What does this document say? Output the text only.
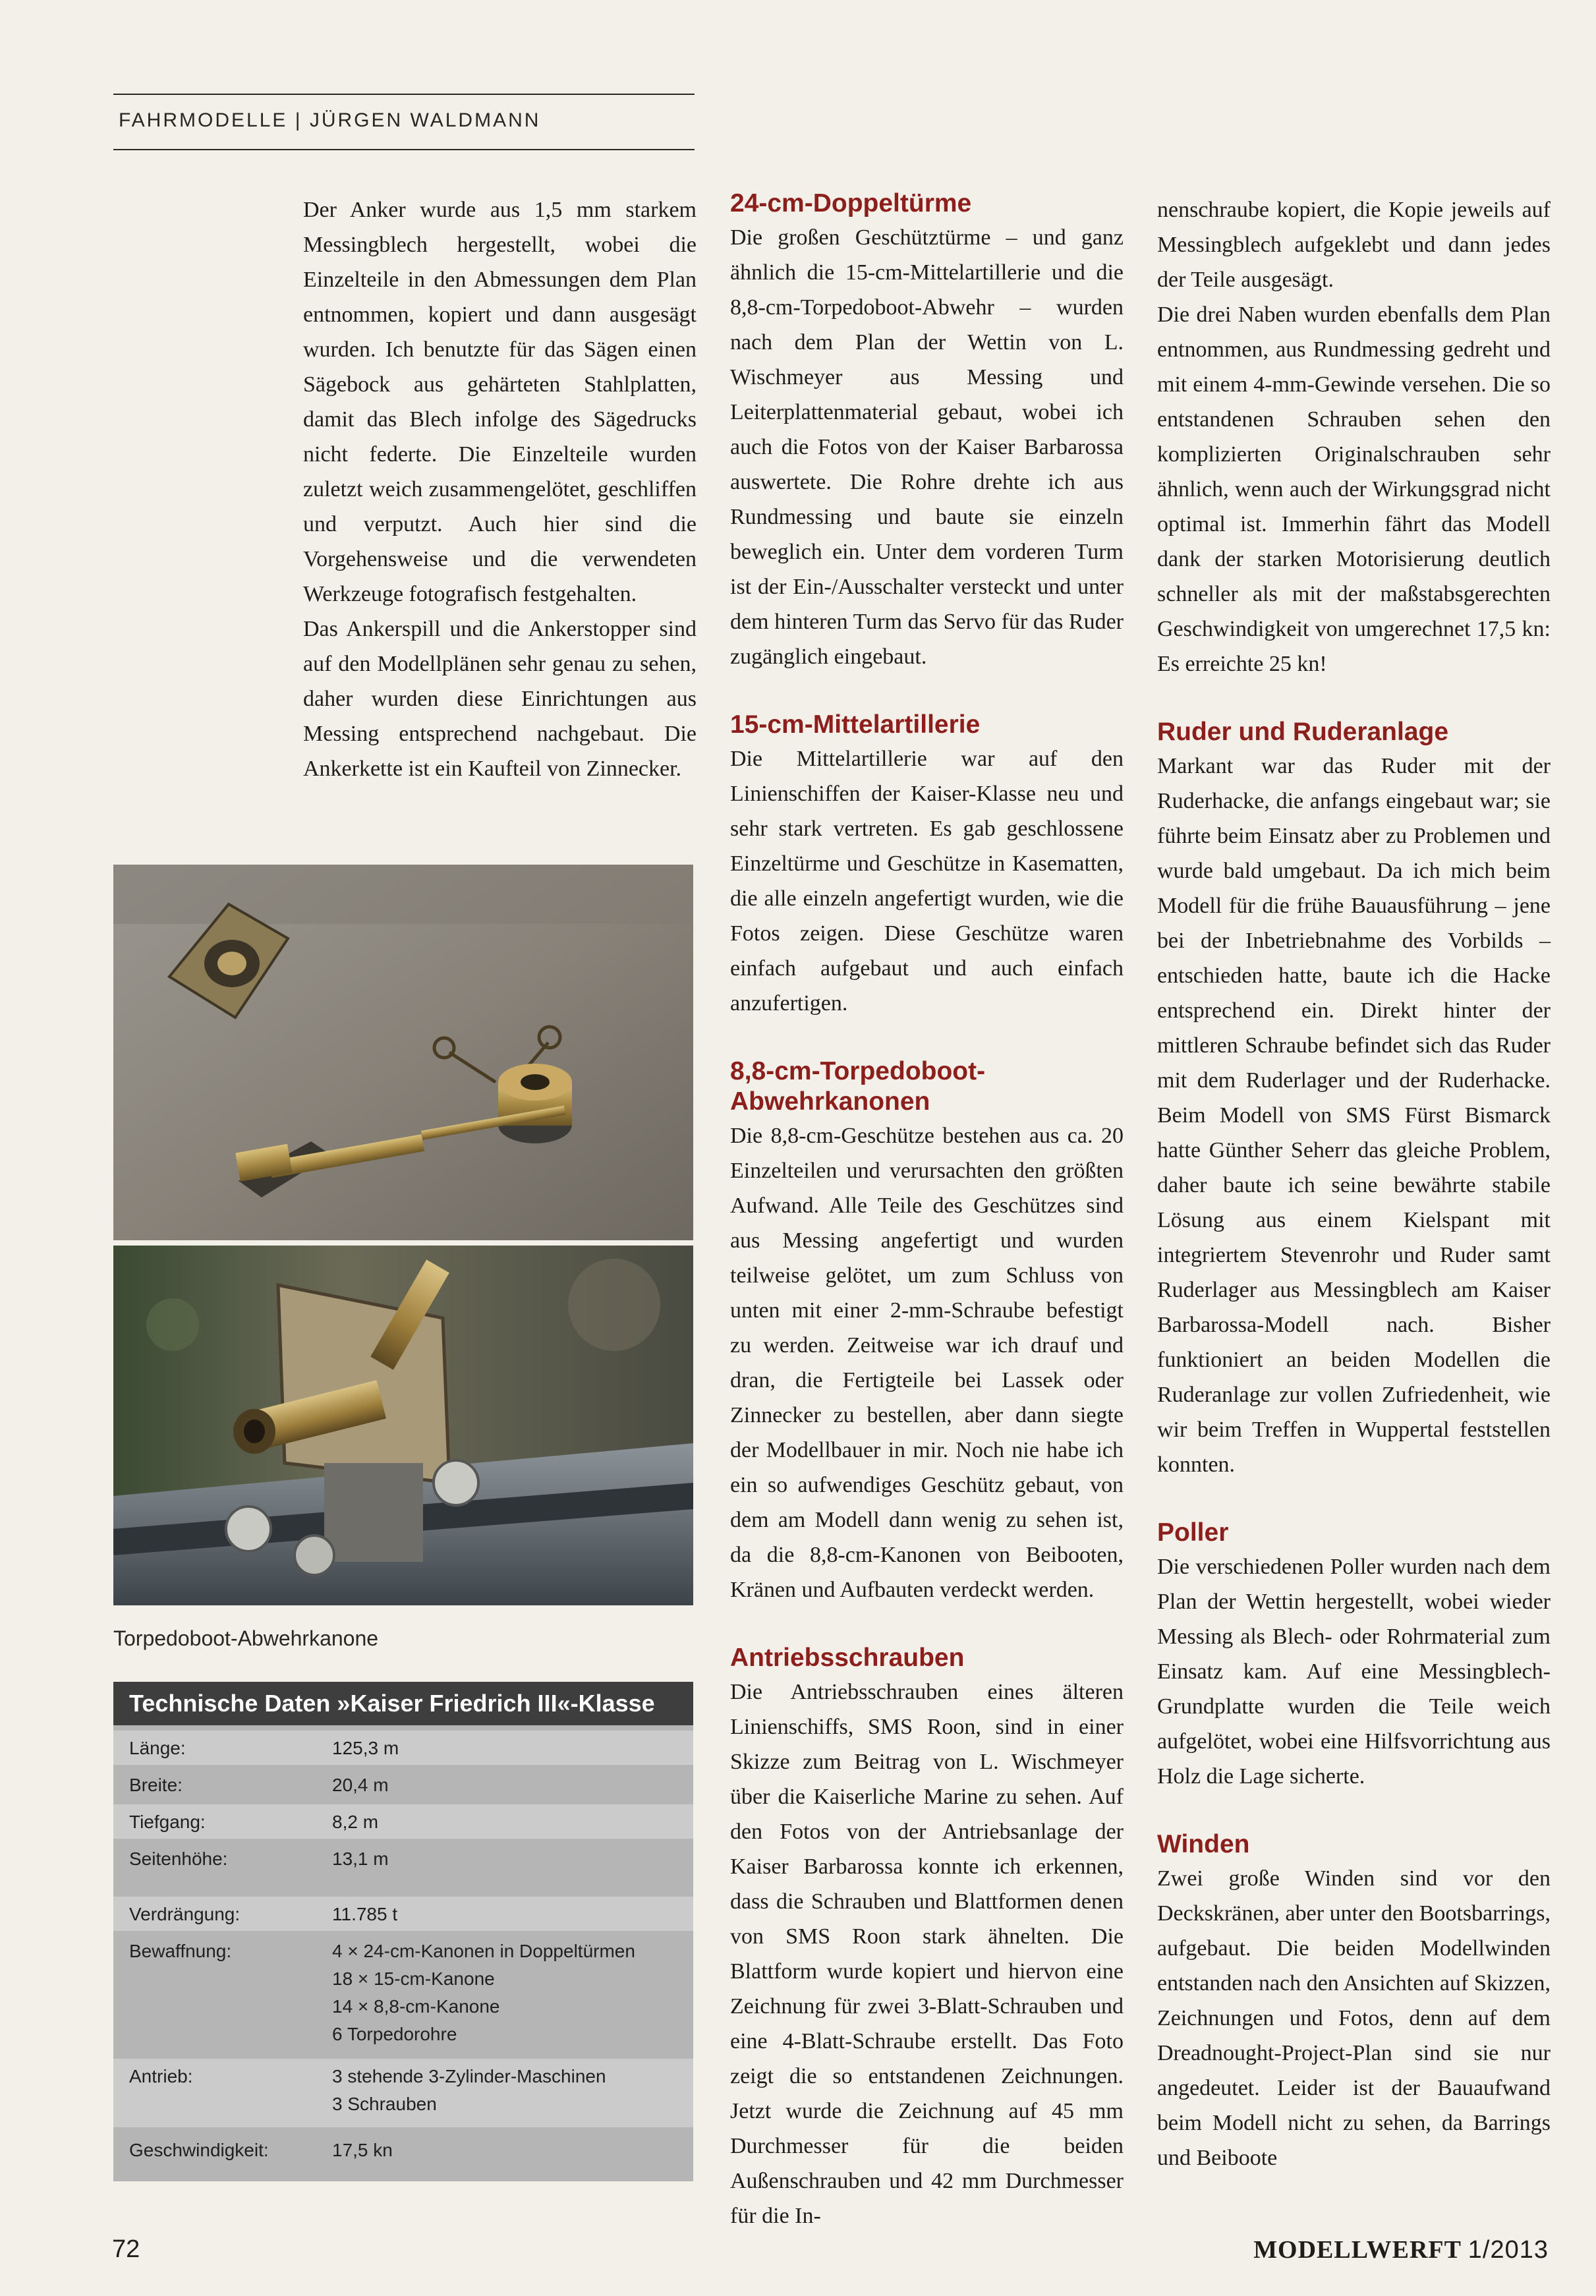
FAHRMODELLE | JÜRGEN WALDMANN

Der Anker wurde aus 1,5 mm starkem Messingblech hergestellt, wobei die Einzelteile in den Abmessungen dem Plan entnommen, kopiert und dann ausgesägt wurden. Ich benutzte für das Sägen einen Sägebock aus gehärteten Stahlplatten, damit das Blech infolge des Sägedrucks nicht federte. Die Einzelteile wurden zuletzt weich zusammengelötet, geschliffen und verputzt. Auch hier sind die Vorgehensweise und die verwendeten Werkzeuge fotografisch festgehalten.

Das Ankerspill und die Ankerstopper sind auf den Modellplänen sehr genau zu sehen, daher wurden diese Einrichtungen aus Messing entsprechend nachgebaut. Die Ankerkette ist ein Kaufteil von Zinnecker.

Torpedoboot-Abwehrkanone
Technische Daten »Kaiser Friedrich III«-Klasse
Länge:	125,3 m
Breite:	20,4 m
Tiefgang:	8,2 m
Seitenhöhe:	13,1 m
Verdrängung:	11.785 t
Bewaffnung:	4 × 24-cm-Kanonen in Doppeltürmen
18 × 15-cm-Kanone
14 × 8,8-cm-Kanone
6 Torpedorohre
Antrieb:	3 stehende 3-Zylinder-Maschinen
3 Schrauben
Geschwindigkeit:	17,5 kn
24-cm-Doppeltürme

Die großen Geschütztürme – und ganz ähnlich die 15-cm-Mittelartillerie und die 8,8-cm-Torpedoboot-Abwehr – wurden nach dem Plan der Wettin von L. Wischmeyer aus Messing und Leiterplattenmaterial gebaut, wobei ich auch die Fotos von der Kaiser Barbarossa auswertete. Die Rohre drehte ich aus Rundmessing und baute sie einzeln beweglich ein. Unter dem vorderen Turm ist der Ein-/Ausschalter versteckt und unter dem hinteren Turm das Servo für das Ruder zugänglich eingebaut.

15-cm-Mittelartillerie

Die Mittelartillerie war auf den Linienschiffen der Kaiser-Klasse neu und sehr stark vertreten. Es gab geschlossene Einzeltürme und Geschütze in Kasematten, die alle einzeln angefertigt wurden, wie die Fotos zeigen. Diese Geschütze waren einfach aufgebaut und auch einfach anzufertigen.

8,8-cm-Torpedoboot-Abwehrkanonen

Die 8,8-cm-Geschütze bestehen aus ca. 20 Einzelteilen und verursachten den größten Aufwand. Alle Teile des Geschützes sind aus Messing angefertigt und wurden teilweise gelötet, um zum Schluss von unten mit einer 2-mm-Schraube befestigt zu werden. Zeitweise war ich drauf und dran, die Fertigteile bei Lassek oder Zinnecker zu bestellen, aber dann siegte der Modellbauer in mir. Noch nie habe ich ein so aufwendiges Geschütz gebaut, von dem am Modell dann wenig zu sehen ist, da die 8,8-cm-Kanonen von Beibooten, Kränen und Aufbauten verdeckt werden.

Antriebsschrauben

Die Antriebsschrauben eines älteren Linienschiffs, SMS Roon, sind in einer Skizze zum Beitrag von L. Wischmeyer über die Kaiserliche Marine zu sehen. Auf den Fotos von der Antriebsanlage der Kaiser Barbarossa konnte ich erkennen, dass die Schrauben und Blattformen denen von SMS Roon stark ähnelten. Die Blattform wurde kopiert und hiervon eine Zeichnung für zwei 3-Blatt-Schrauben und eine 4-Blatt-Schraube erstellt. Das Foto zeigt die so entstandenen Zeichnungen. Jetzt wurde die Zeichnung auf 45 mm Durchmesser für die beiden Außenschrauben und 42 mm Durchmesser für die In-

nenschraube kopiert, die Kopie jeweils auf Messingblech aufgeklebt und dann jedes der Teile ausgesägt.

Die drei Naben wurden ebenfalls dem Plan entnommen, aus Rundmessing gedreht und mit einem 4-mm-Gewinde versehen. Die so entstandenen Schrauben sehen den komplizierten Originalschrauben sehr ähnlich, wenn auch der Wirkungsgrad nicht optimal ist. Immerhin fährt das Modell dank der starken Motorisierung deutlich schneller als mit der maßstabsgerechten Geschwindigkeit von umgerechnet 17,5 kn: Es erreichte 25 kn!

Ruder und Ruderanlage

Markant war das Ruder mit der Ruderhacke, die anfangs eingebaut war; sie führte beim Einsatz aber zu Problemen und wurde bald umgebaut. Da ich mich beim Modell für die frühe Bauausführung – jene bei der Inbetriebnahme des Vorbilds – entschieden hatte, baute ich die Hacke entsprechend ein. Direkt hinter der mittleren Schraube befindet sich das Ruder mit dem Ruderlager und der Ruderhacke. Beim Modell von SMS Fürst Bismarck hatte Günther Seherr das gleiche Problem, daher baute ich seine bewährte stabile Lösung aus einem Kielspant mit integriertem Stevenrohr und Ruder samt Ruderlager aus Messingblech am Kaiser Barbarossa-Modell nach. Bisher funktioniert an beiden Modellen die Ruderanlage zur vollen Zufriedenheit, wie wir beim Treffen in Wuppertal feststellen konnten.

Poller

Die verschiedenen Poller wurden nach dem Plan der Wettin hergestellt, wobei wieder Messing als Blech- oder Rohrmaterial zum Einsatz kam. Auf eine Messingblech-Grundplatte wurden die Teile weich aufgelötet, wobei eine Hilfsvorrichtung aus Holz die Lage sicherte.

Winden

Zwei große Winden sind vor den Deckskränen, aber unter den Bootsbarrings, aufgebaut. Die beiden Modellwinden entstanden nach den Ansichten auf Skizzen, Zeichnungen und Fotos, denn auf dem Dreadnought-Project-Plan sind sie nur angedeutet. Leider ist der Bauaufwand beim Modell nicht zu sehen, da Barrings und Beiboote

72	MODELLWERFT 1/2013
